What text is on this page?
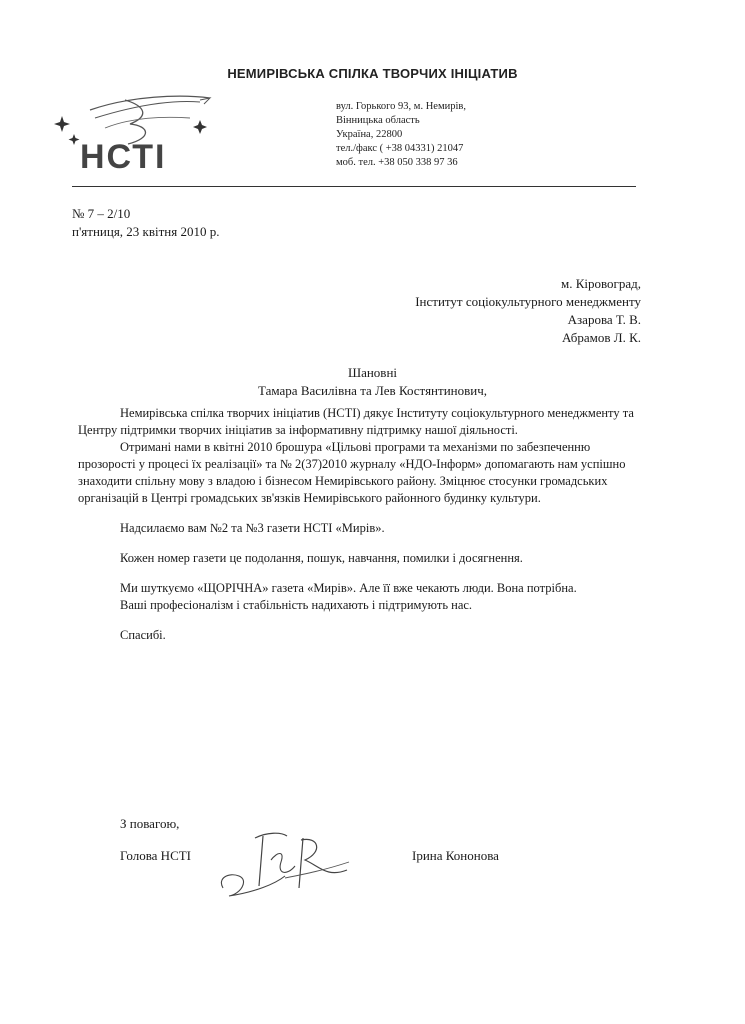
НЕМИРІВСЬКА СПІЛКА ТВОРЧИХ ІНІЦІАТИВ
НСТІ
вул. Горького 93, м. Немирів,
Вінницька область
Україна, 22800
тел./факс ( +38 04331) 21047
моб. тел. +38 050 338 97 36
№ 7 – 2/10
п'ятниця, 23 квітня 2010 р.
м. Кіровоград,
Інститут соціокультурного менеджменту
Азарова Т. В.
Абрамов Л. К.
Шановні
Тамара Василівна та Лев Костянтинович,

Немирівська спілка творчих ініціатив (НСТІ) дякує Інституту соціокультурного менеджменту та Центру підтримки творчих ініціатив за інформативну підтримку нашої діяльності.

Отримані нами в квітні 2010 брошура «Цільові програми та механізми по забезпеченню прозорості у процесі їх реалізації» та № 2(37)2010 журналу «НДО-Інформ» допомагають нам успішно знаходити спільну мову з владою і бізнесом Немирівського району. Зміцнює стосунки громадських організацій в Центрі громадських зв'язків Немирівського районного будинку культури.

Надсилаємо вам №2 та №3 газети НСТІ «Мирів».

Кожен номер газети це подолання, пошук, навчання, помилки і досягнення.

Ми шуткуємо «ЩОРІЧНА» газета «Мирів». Але її вже чекають люди. Вона потрібна.

Ваші професіоналізм і стабільність надихають і підтримують нас.

Спасибі.

З повагою,
Голова НСТІ	Ірина Кононова
